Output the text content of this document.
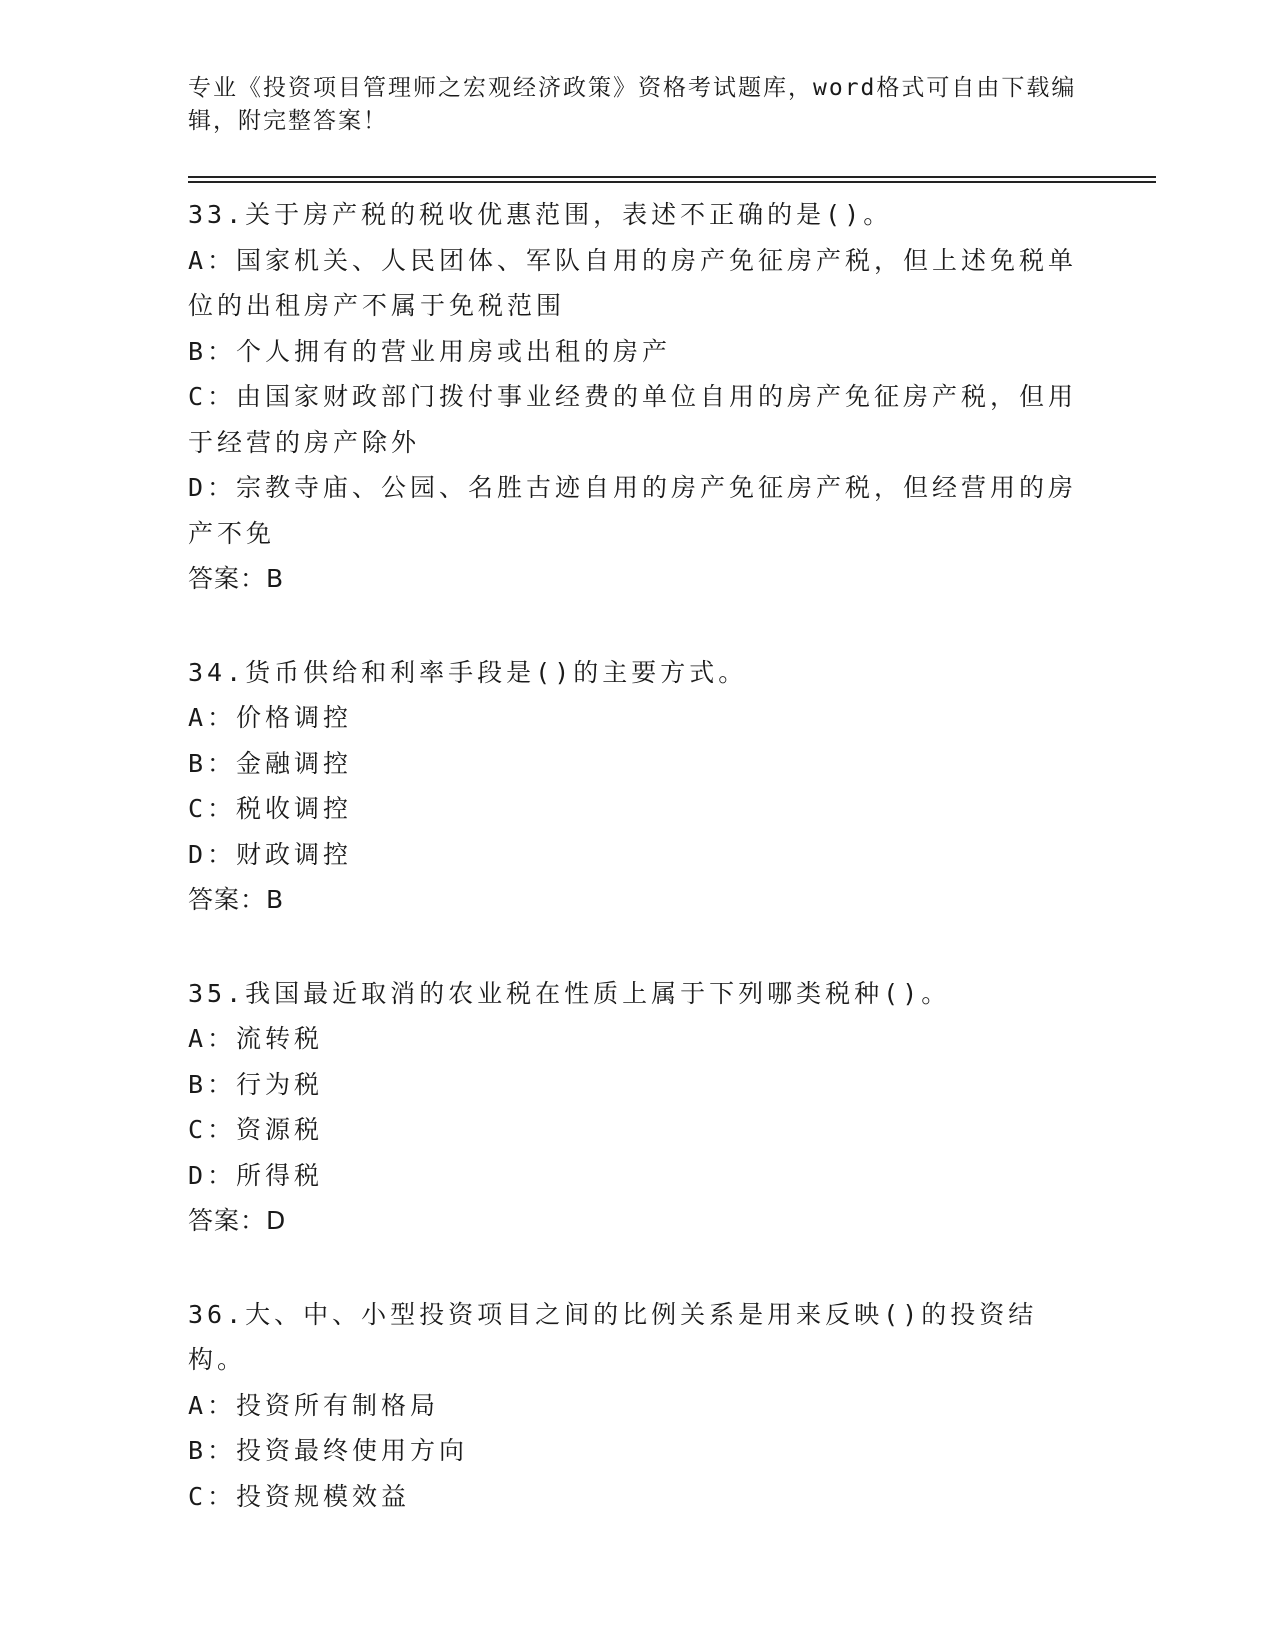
专业《投资项目管理师之宏观经济政策》资格考试题库，word格式可自由下载编辑，附完整答案！

33.关于房产税的税收优惠范围，表述不正确的是()。

A：国家机关、人民团体、军队自用的房产免征房产税，但上述免税单位的出租房产不属于免税范围

B：个人拥有的营业用房或出租的房产

C：由国家财政部门拨付事业经费的单位自用的房产免征房产税，但用于经营的房产除外

D：宗教寺庙、公园、名胜古迹自用的房产免征房产税，但经营用的房产不免

答案：B

34.货币供给和利率手段是()的主要方式。

A：价格调控

B：金融调控

C：税收调控

D：财政调控

答案：B

35.我国最近取消的农业税在性质上属于下列哪类税种()。

A：流转税

B：行为税

C：资源税

D：所得税

答案：D

36.大、中、小型投资项目之间的比例关系是用来反映()的投资结构。

A：投资所有制格局

B：投资最终使用方向

C：投资规模效益
